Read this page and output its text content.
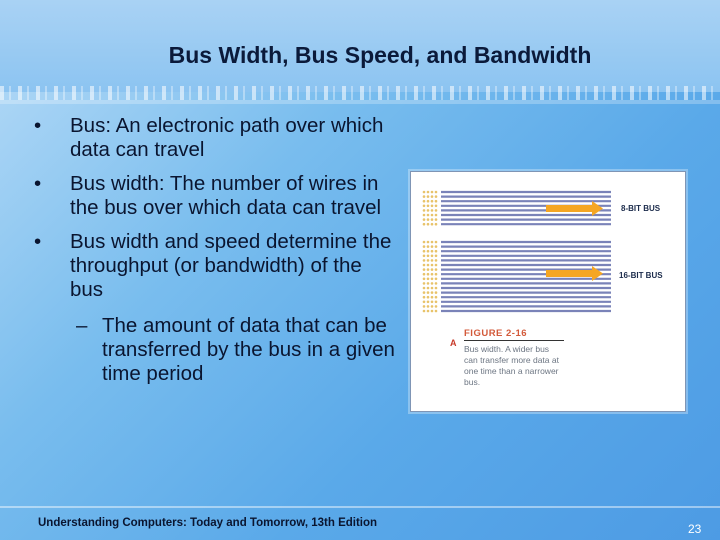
Bus Width, Bus Speed, and Bandwidth
• Bus: An electronic path over which data can travel
• Bus width: The number of wires in the bus over which data can travel
• Bus width and speed determine the throughput (or bandwidth) of the bus
– The amount of data that can be transferred by the bus in a given time period
8-BIT BUS
16-BIT BUS
A
FIGURE 2-16
Bus width. A wider bus can transfer more data at one time than a narrower bus.
Understanding Computers: Today and Tomorrow, 13th Edition	23
